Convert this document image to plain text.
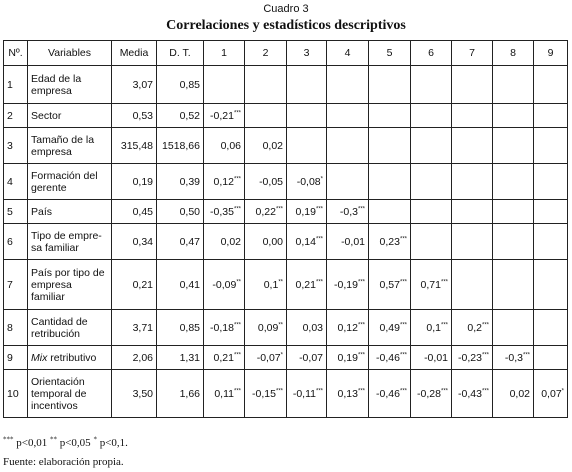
Cuadro 3
Correlaciones y estadísticos descriptivos
Nº.	Variables	Media	D. T.	1	2	3	4	5	6	7	8	9
1	Edad de la empresa	3,07	0,85									
2	Sector	0,53	0,52	-0,21***								
3	Tamaño de la empresa	315,48	1518,66	0,06	0,02							
4	Formación del gerente	0,19	0,39	0,12***	-0,05	-0,08*						
5	País	0,45	0,50	-0,35***	0,22***	0,19***	-0,3***					
6	Tipo de empre-sa familiar	0,34	0,47	0,02	0,00	0,14***	-0,01	0,23***				
7	País por tipo de empresa familiar	0,21	0,41	-0,09**	0,1**	0,21***	-0,19***	0,57***	0,71***			
8	Cantidad de retribución	3,71	0,85	-0,18***	0,09**	0,03	0,12***	0,49***	0,1***	0,2***		
9	Mix retributivo	2,06	1,31	0,21***	-0,07*	-0,07	0,19***	-0,46***	-0,01	-0,23***	-0,3***	
10	Orientación temporal de incentivos	3,50	1,66	0,11***	-0,15***	-0,11***	0,13***	-0,46***	-0,28***	-0,43***	0,02	0,07*
*** p<0,01 ** p<0,05 * p<0,1.
Fuente: elaboración propia.
